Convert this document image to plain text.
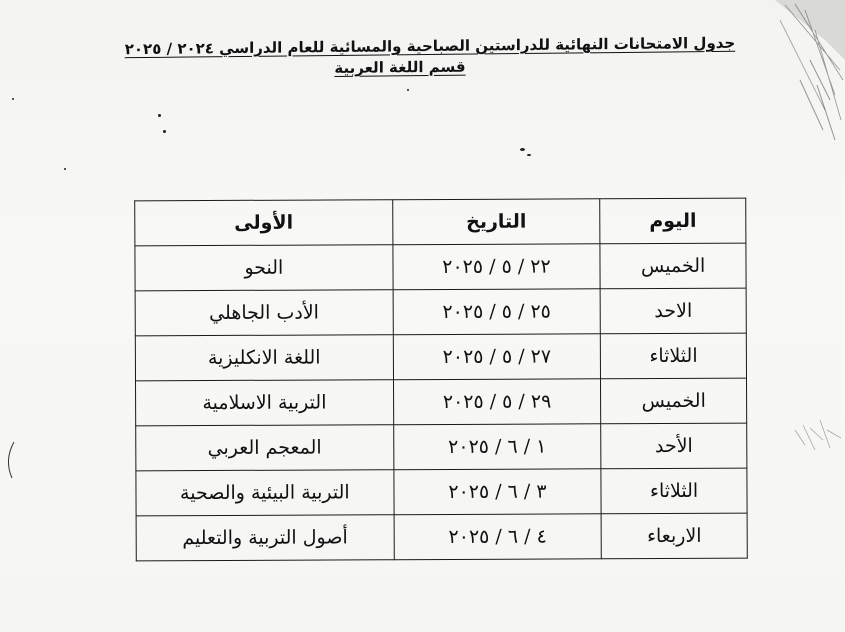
جدول الامتحانات النهائية للدراستين الصباحية والمسائية للعام الدراسي ٢٠٢٤ / ٢٠٢٥
قسم اللغة العربية
اليوم	التاريخ	الأولى
الخميس	٢٢ / ٥ / ٢٠٢٥	النحو
الاحد	٢٥ / ٥ / ٢٠٢٥	الأدب الجاهلي
الثلاثاء	٢٧ / ٥ / ٢٠٢٥	اللغة الانكليزية
الخميس	٢٩ / ٥ / ٢٠٢٥	التربية الاسلامية
الأحد	١ / ٦ / ٢٠٢٥	المعجم العربي
الثلاثاء	٣ / ٦ / ٢٠٢٥	التربية البيئية والصحية
الاربعاء	٤ / ٦ / ٢٠٢٥	أصول التربية والتعليم
